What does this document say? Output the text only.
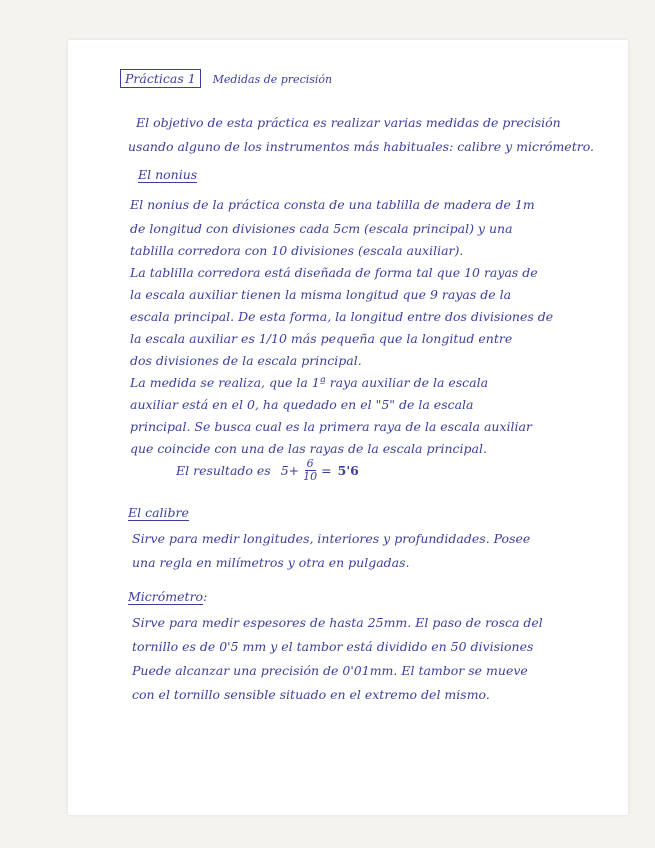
Prácticas 1 Medidas de precisión
El objetivo de esta práctica es realizar varias medidas de precisión
usando alguno de los instrumentos más habituales: calibre y micrómetro.
El nonius
El nonius de la práctica consta de una tablilla de madera de 1m
de longitud con divisiones cada 5cm (escala principal) y una
tablilla corredora con 10 divisiones (escala auxiliar).
La tablilla corredora está diseñada de forma tal que 10 rayas de
la escala auxiliar tienen la misma longitud que 9 rayas de la
escala principal. De esta forma, la longitud entre dos divisiones de
la escala auxiliar es 1/10 más pequeña que la longitud entre
dos divisiones de la escala principal.
La medida se realiza, que la 1ª raya auxiliar de la escala
auxiliar está en el 0, ha quedado en el "5" de la escala
principal. Se busca cual es la primera raya de la escala auxiliar
que coincide con una de las rayas de la escala principal.
El resultado es $5+ \frac{6}{10} = 5'6$
El calibre
Sirve para medir longitudes, interiores y profundidades. Posee
una regla en milímetros y otra en pulgadas.
Micrómetro:
Sirve para medir espesores de hasta 25mm. El paso de rosca del
tornillo es de 0'5 mm y el tambor está dividido en 50 divisiones
Puede alcanzar una precisión de 0'01mm. El tambor se mueve
con el tornillo sensible situado en el extremo del mismo.
